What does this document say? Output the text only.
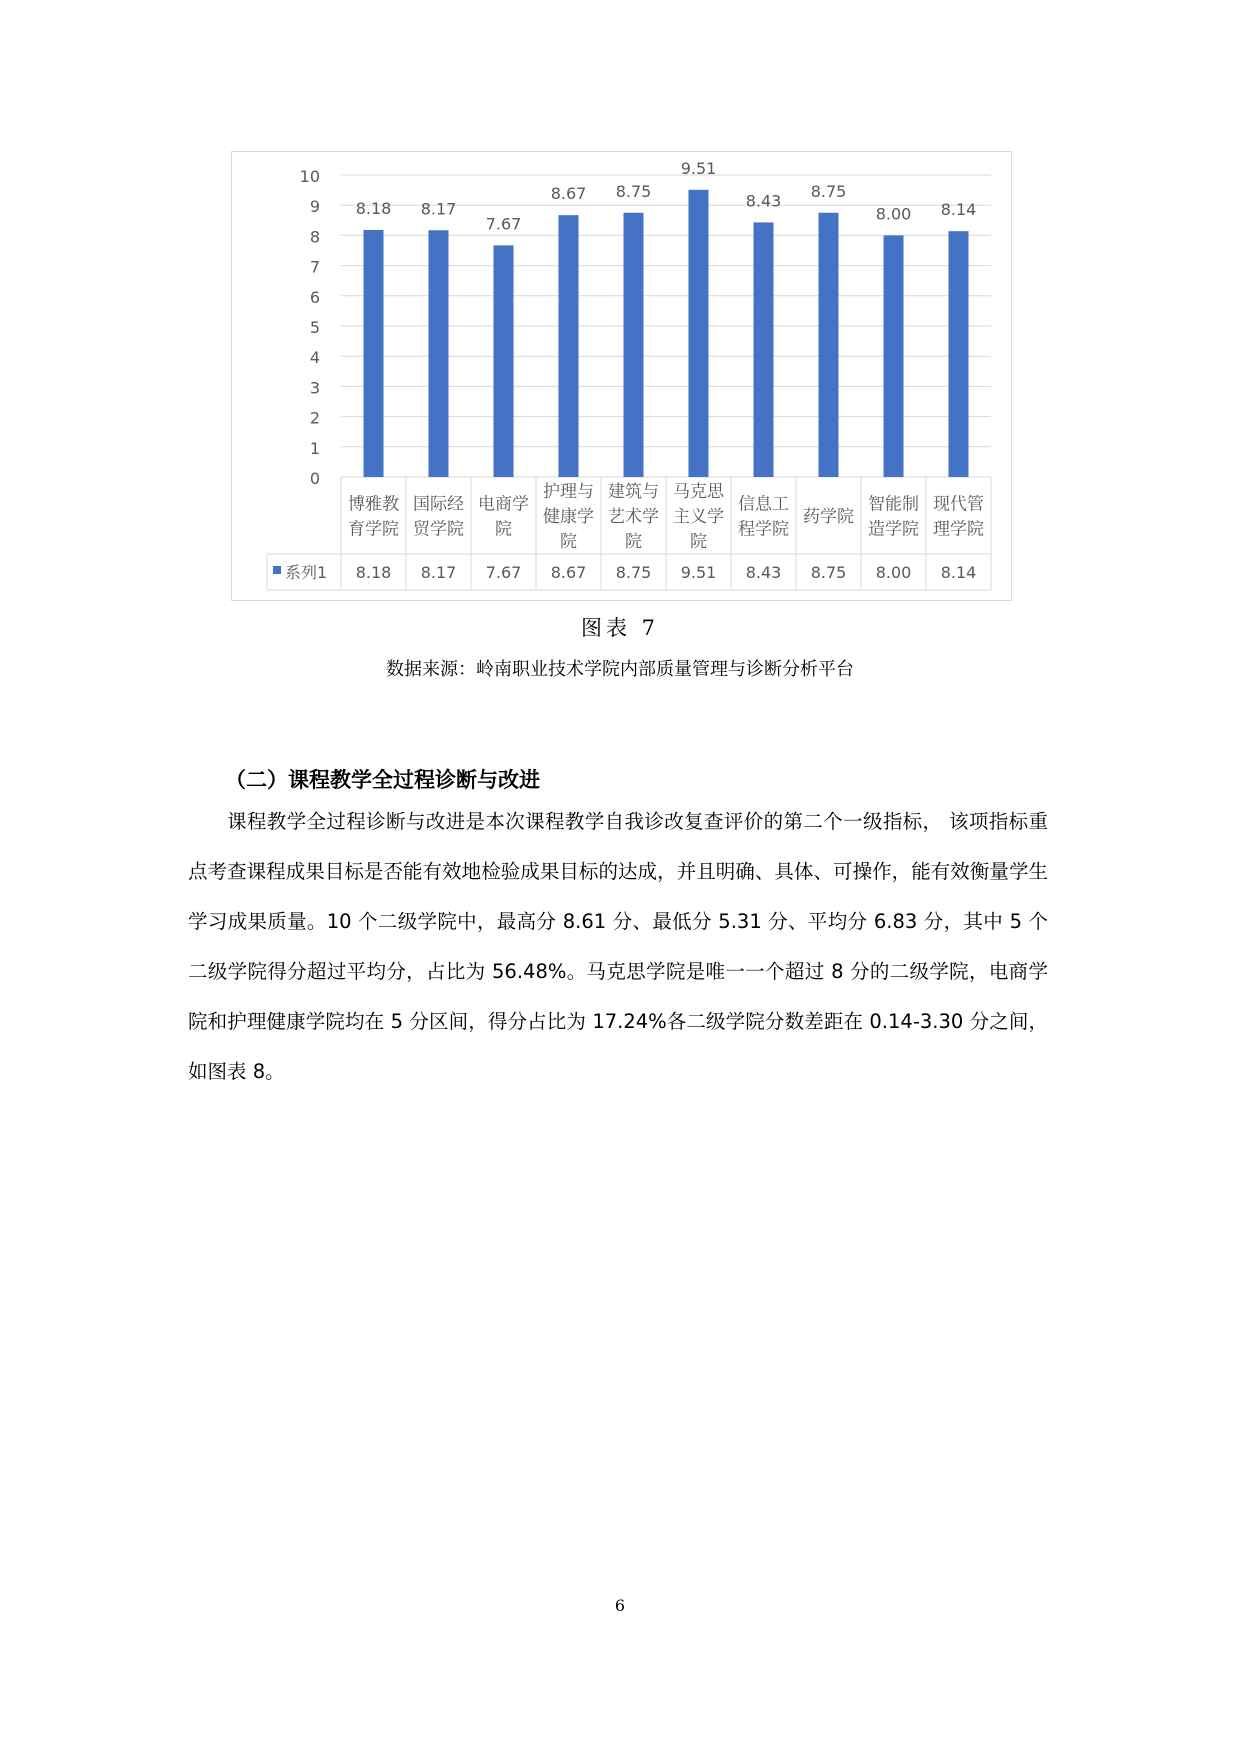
0
1
2
3
4
5
6
7
8
9
10
8.18
博雅教
育学院
8.18
8.17
国际经
贸学院
8.17
7.67
电商学
院
7.67
8.67
护理与
健康学
院
8.67
8.75
建筑与
艺术学
院
8.75
9.51
马克思
主义学
院
9.51
8.43
信息工
程学院
8.43
8.75
药学院
8.75
8.00
智能制
造学院
8.00
8.14
现代管
理学院
8.14
系列1
图表 7
数据来源：岭南职业技术学院内部质量管理与诊断分析平台
（二）课程教学全过程诊断与改进
课程教学全过程诊断与改进是本次课程教学自我诊改复查评价的第二个一级指标， 该项指标重点考查课程成果目标是否能有效地检验成果目标的达成，并且明确、具体、可操作，能有效衡量学生学习成果质量。10 个二级学院中，最高分 8.61 分、最低分 5.31 分、平均分 6.83 分，其中 5 个二级学院得分超过平均分，占比为 56.48%。马克思学院是唯一一个超过 8 分的二级学院，电商学院和护理健康学院均在 5 分区间，得分占比为 17.24%各二级学院分数差距在 0.14-3.30 分之间，如图表 8。
6
